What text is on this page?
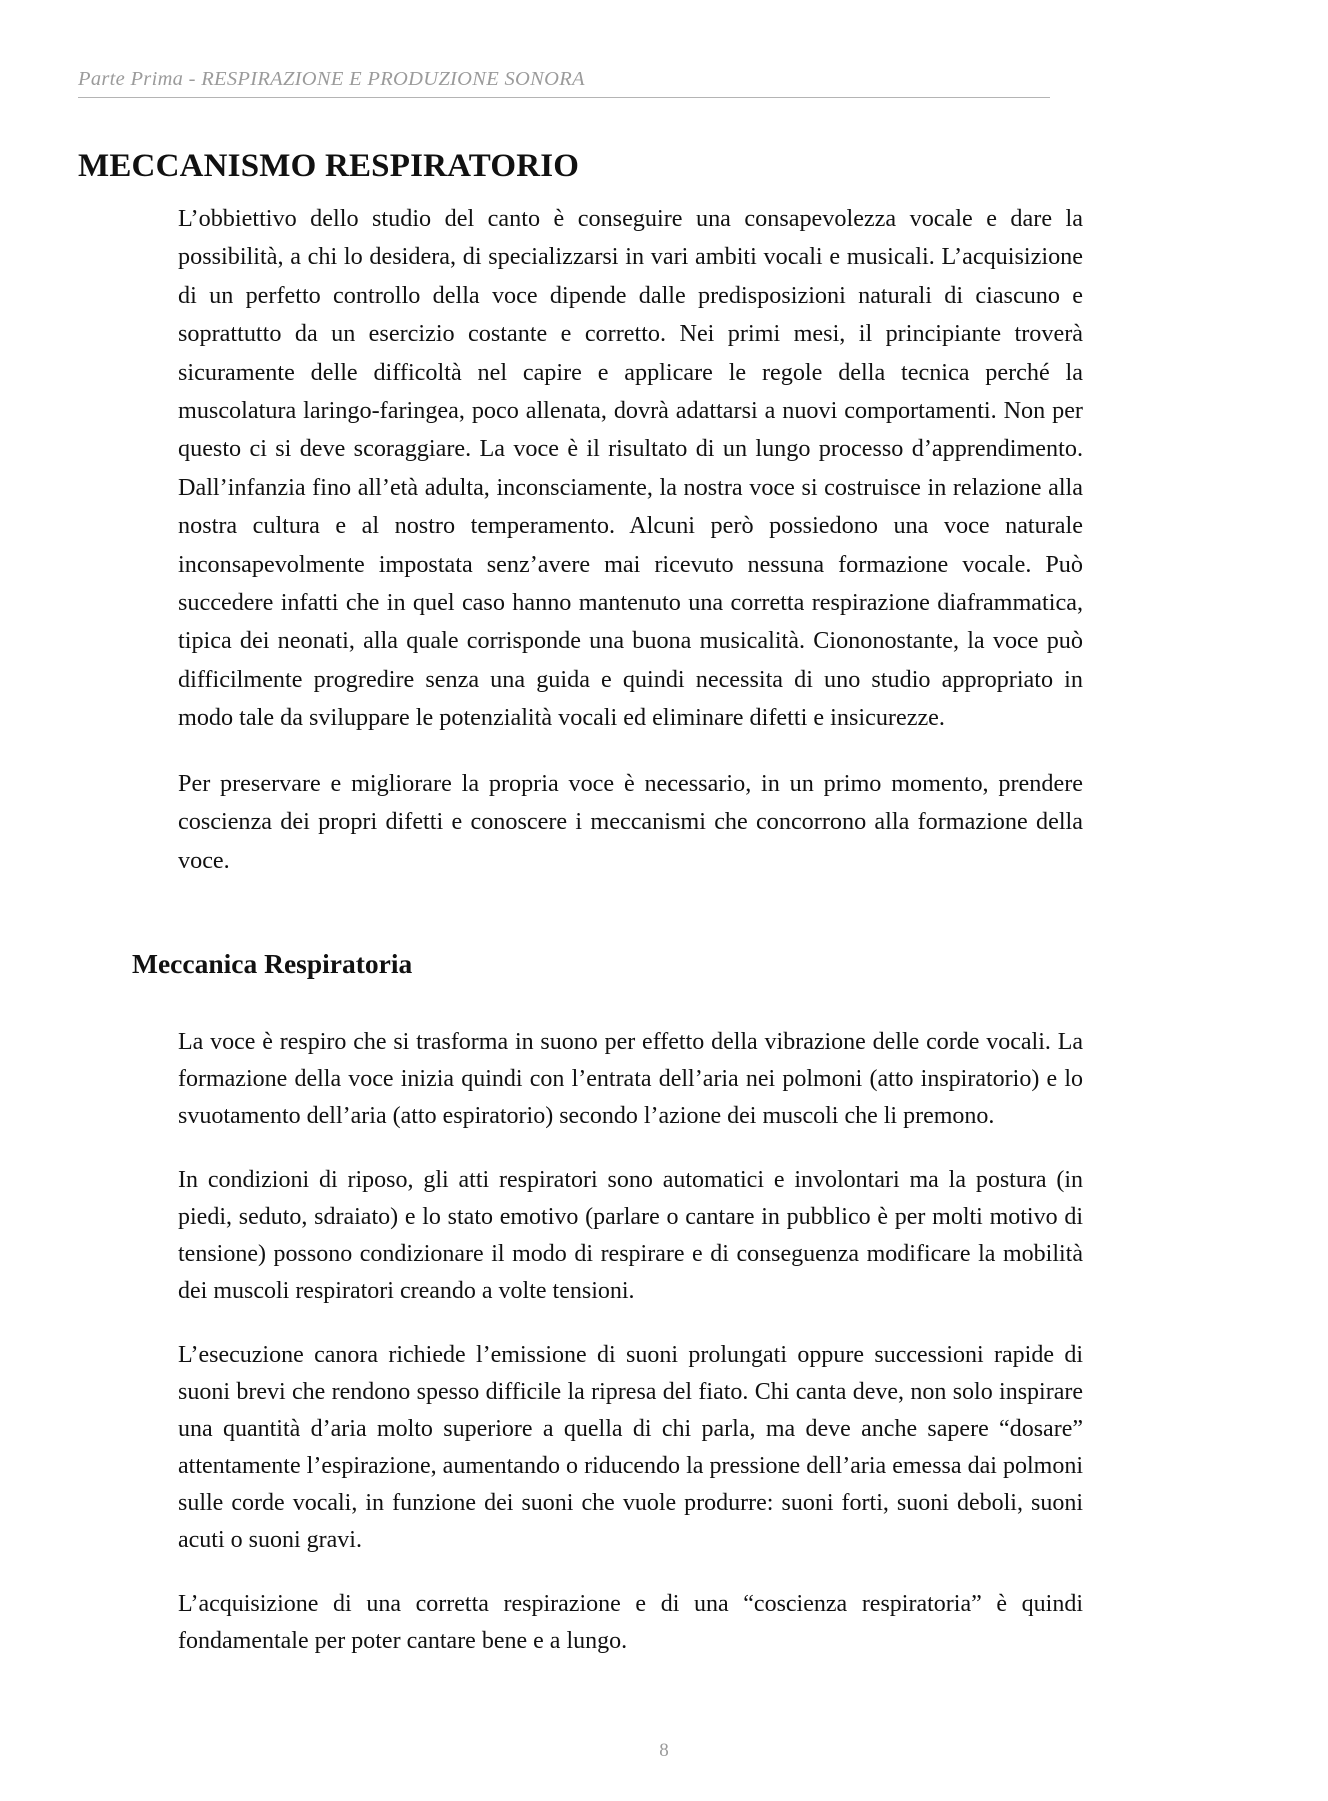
Parte Prima - RESPIRAZIONE E PRODUZIONE SONORA
MECCANISMO RESPIRATORIO

L’obbiettivo dello studio del canto è conseguire una consapevolezza vocale e dare la possibilità, a chi lo desidera, di specializzarsi in vari ambiti vocali e musicali. L’acquisizione di un perfetto controllo della voce dipende dalle predisposizioni naturali di ciascuno e soprattutto da un esercizio costante e corretto. Nei primi mesi, il principiante troverà sicuramente delle difficoltà nel capire e applicare le regole della tecnica perché la muscolatura laringo-faringea, poco allenata, dovrà adattarsi a nuovi comportamenti. Non per questo ci si deve scoraggiare. La voce è il risultato di un lungo processo d’apprendimento. Dall’infanzia fino all’età adulta, inconsciamente, la nostra voce si costruisce in relazione alla nostra cultura e al nostro temperamento. Alcuni però possiedono una voce naturale inconsapevolmente impostata senz’avere mai ricevuto nessuna formazione vocale. Può succedere infatti che in quel caso hanno mantenuto una corretta respirazione diaframmatica, tipica dei neonati, alla quale corrisponde una buona musicalità. Ciononostante, la voce può difficilmente progredire senza una guida e quindi necessita di uno studio appropriato in modo tale da sviluppare le potenzialità vocali ed eliminare difetti e insicurezze.

Per preservare e migliorare la propria voce è necessario, in un primo momento, prendere coscienza dei propri difetti e conoscere i meccanismi che concorrono alla formazione della voce.

Meccanica Respiratoria

La voce è respiro che si trasforma in suono per effetto della vibrazione delle corde vocali. La formazione della voce inizia quindi con l’entrata dell’aria nei polmoni (atto inspiratorio) e lo svuotamento dell’aria (atto espiratorio) secondo l’azione dei muscoli che li premono.

In condizioni di riposo, gli atti respiratori sono automatici e involontari ma la postura (in piedi, seduto, sdraiato) e lo stato emotivo (parlare o cantare in pubblico è per molti motivo di tensione) possono condizionare il modo di respirare e di conseguenza modificare la mobilità dei muscoli respiratori creando a volte tensioni.

L’esecuzione canora richiede l’emissione di suoni prolungati oppure successioni rapide di suoni brevi che rendono spesso difficile la ripresa del fiato. Chi canta deve, non solo inspirare una quantità d’aria molto superiore a quella di chi parla, ma deve anche sapere “dosare” attentamente l’espirazione, aumentando o riducendo la pressione dell’aria emessa dai polmoni sulle corde vocali, in funzione dei suoni che vuole produrre: suoni forti, suoni deboli, suoni acuti o suoni gravi.

L’acquisizione di una corretta respirazione e di una “coscienza respiratoria” è quindi fondamentale per poter cantare bene e a lungo.

8
